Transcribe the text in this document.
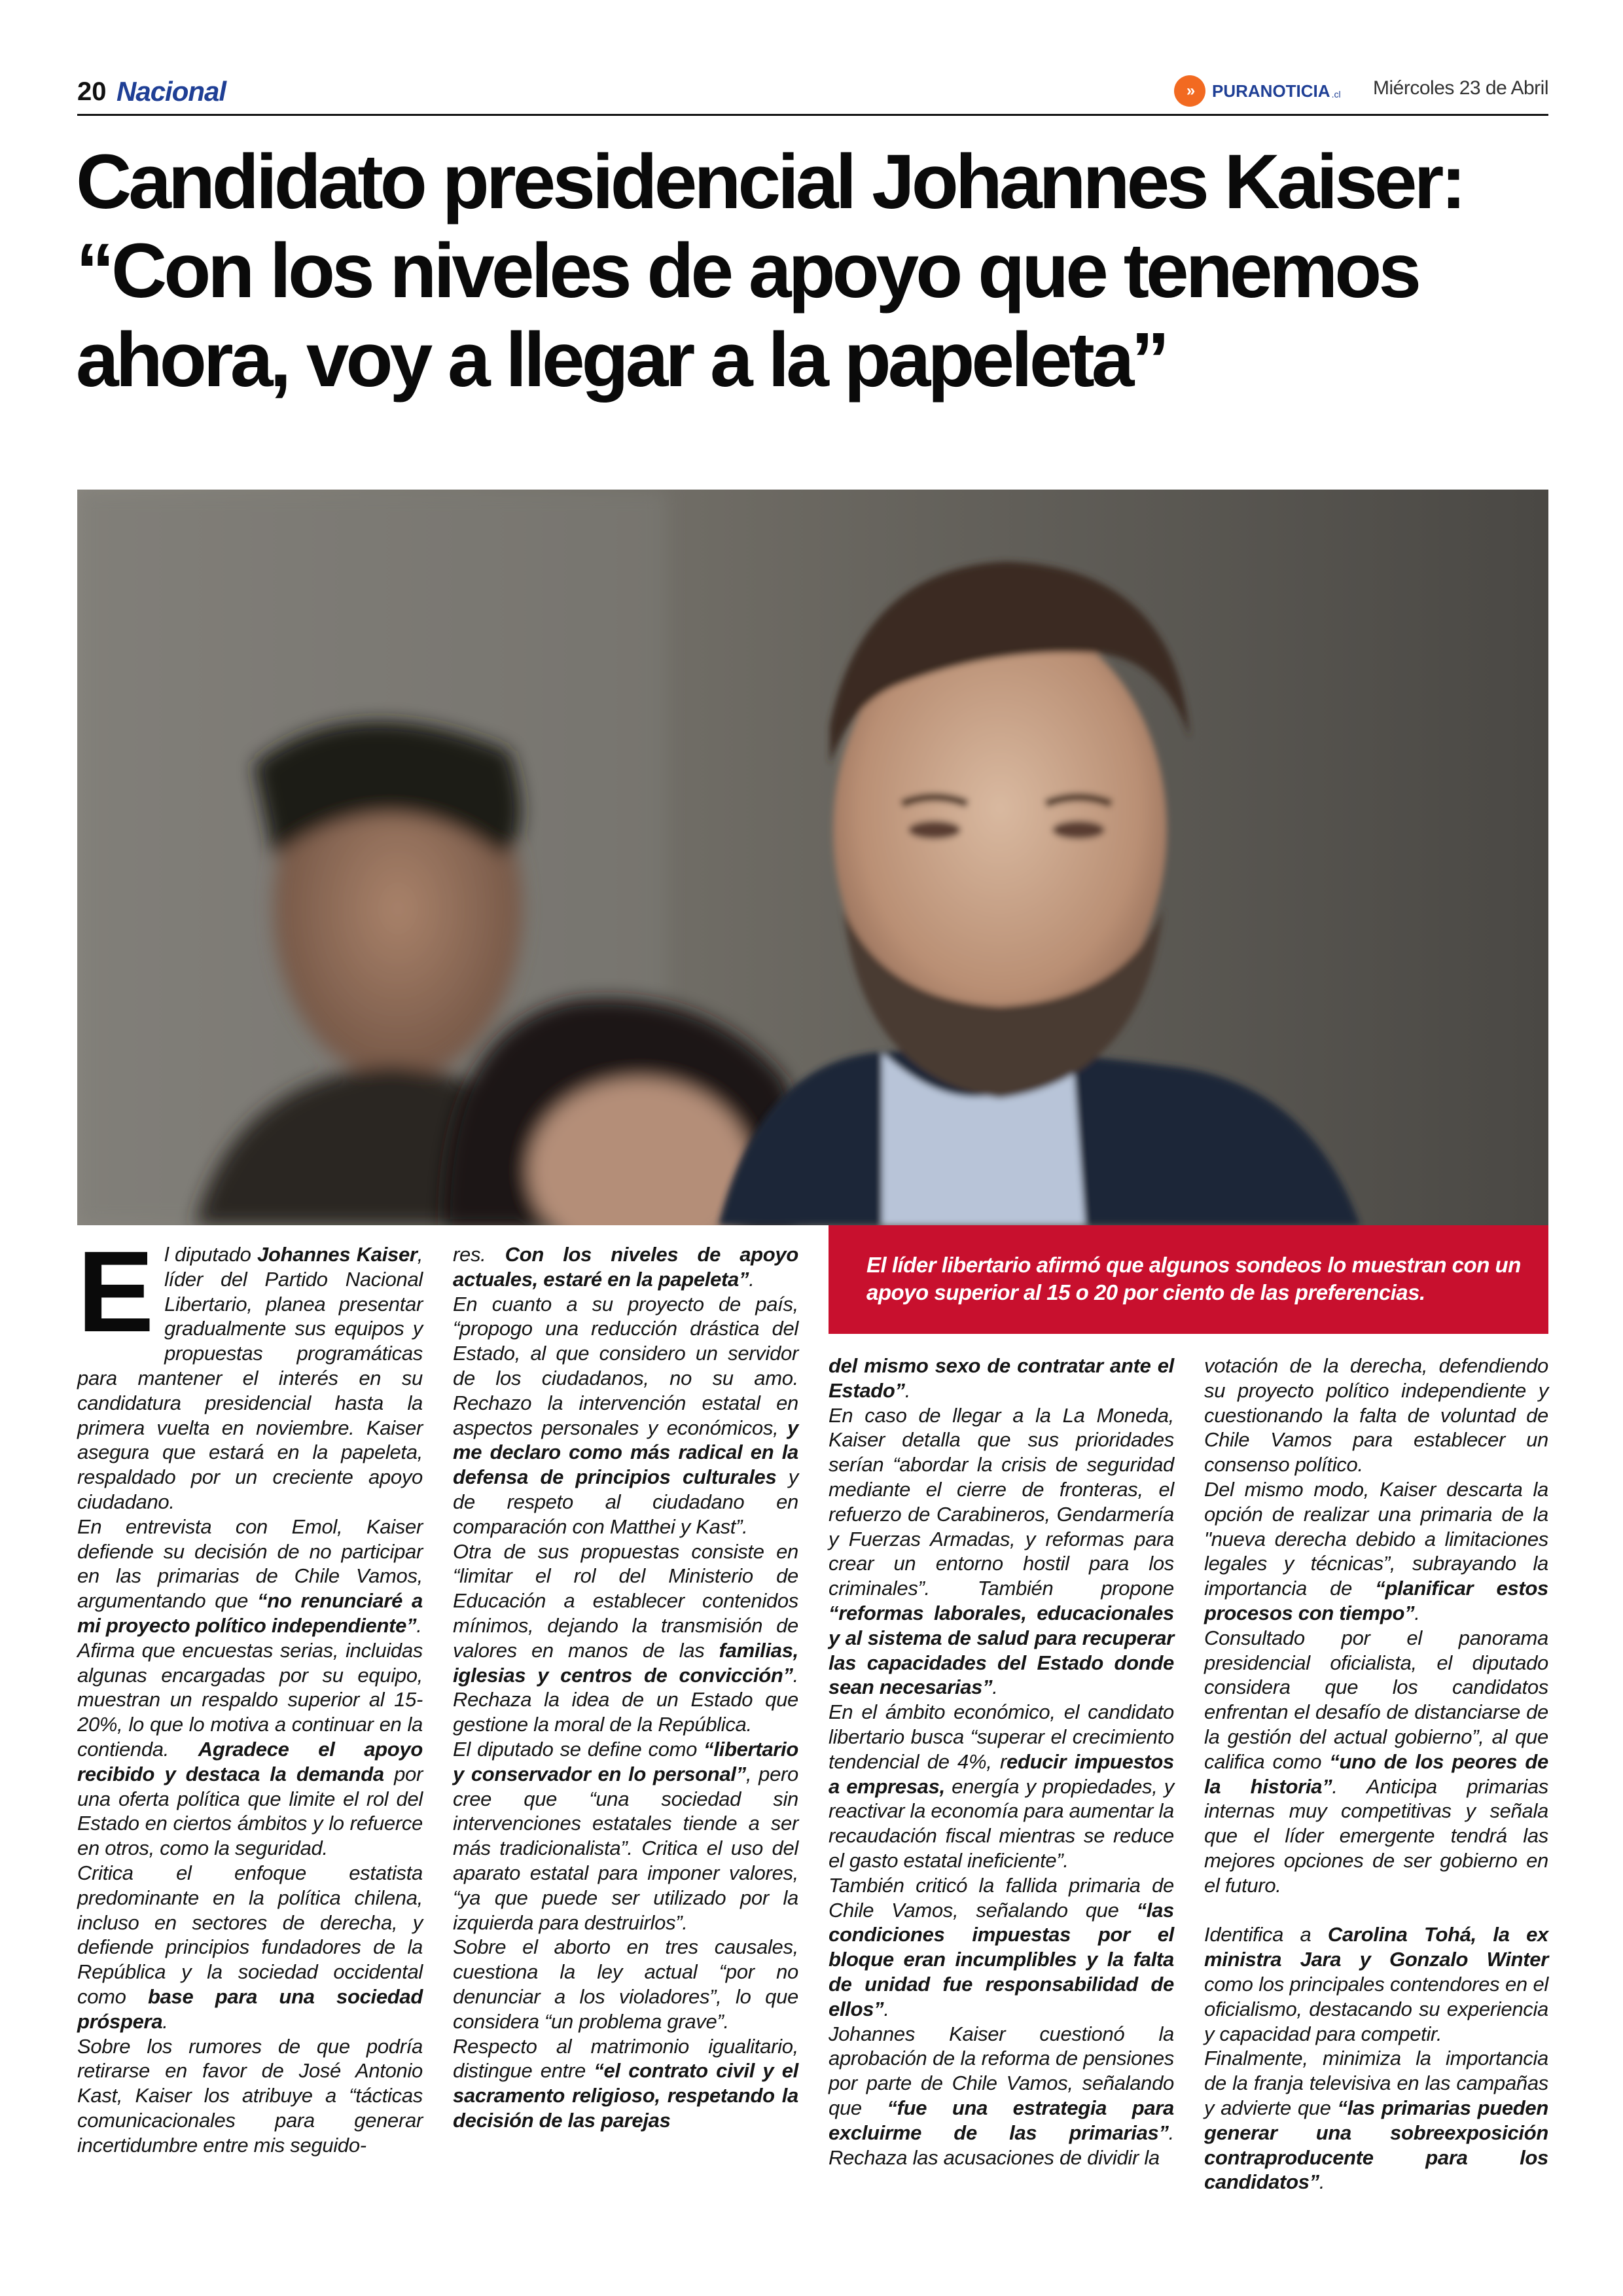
20 Nacional	»	PURANOTICIA .cl Miércoles 23 de Abril
Candidato presidencial Johannes Kaiser: “Con los niveles de apoyo que tenemos ahora, voy a llegar a la papeleta”
El líder libertario afirmó que algunos sondeos lo muestran con un apoyo superior al 15 o 20 por ciento de las preferencias.

El diputado Johannes Kaiser, líder del Partido Nacional Libertario, planea presentar gradualmente sus equipos y propuestas programáticas para mantener el interés en su candidatura presidencial hasta la primera vuelta en noviembre. Kaiser asegura que estará en la papeleta, respaldado por un creciente apoyo ciudadano.

En entrevista con Emol, Kaiser defiende su decisión de no participar en las primarias de Chile Vamos, argumentando que “no renunciaré a mi proyecto político independiente”.

Afirma que encuestas serias, incluidas algunas encargadas por su equipo, muestran un respaldo superior al 15-20%, lo que lo motiva a continuar en la contienda. Agradece el apoyo recibido y destaca la demanda por una oferta política que limite el rol del Estado en ciertos ámbitos y lo refuerce en otros, como la seguridad.

Critica el enfoque estatista predominante en la política chilena, incluso en sectores de derecha, y defiende principios fundadores de la República y la sociedad occidental como base para una sociedad próspera.

Sobre los rumores de que podría retirarse en favor de José Antonio Kast, Kaiser los atribuye a “tácticas comunicacionales para generar incertidumbre entre mis seguido-

res. Con los niveles de apoyo actuales, estaré en la papeleta”.

En cuanto a su proyecto de país, “propogo una reducción drástica del Estado, al que considero un servidor de los ciudadanos, no su amo. Rechazo la intervención estatal en aspectos personales y económicos, y me declaro como más radical en la defensa de principios culturales y de respeto al ciudadano en comparación con Matthei y Kast”.

Otra de sus propuestas consiste en “limitar el rol del Ministerio de Educación a establecer contenidos mínimos, dejando la transmisión de valores en manos de las familias, iglesias y centros de convicción”. Rechaza la idea de un Estado que gestione la moral de la República.

El diputado se define como “libertario y conservador en lo personal”, pero cree que “una sociedad sin intervenciones estatales tiende a ser más tradicionalista”. Critica el uso del aparato estatal para imponer valores, “ya que puede ser utilizado por la izquierda para destruirlos”.

Sobre el aborto en tres causales, cuestiona la ley actual “por no denunciar a los violadores”, lo que considera “un problema grave”.

Respecto al matrimonio igualitario, distingue entre “el contrato civil y el sacramento religioso, respetando la decisión de las parejas

del mismo sexo de contratar ante el Estado”.

En caso de llegar a la La Moneda, Kaiser detalla que sus prioridades serían “abordar la crisis de seguridad mediante el cierre de fronteras, el refuerzo de Carabineros, Gendarmería y Fuerzas Armadas, y reformas para crear un entorno hostil para los criminales”. También propone “reformas laborales, educacionales y al sistema de salud para recuperar las capacidades del Estado donde sean necesarias”.

En el ámbito económico, el candidato libertario busca “superar el crecimiento tendencial de 4%, reducir impuestos a empresas, energía y propiedades, y reactivar la economía para aumentar la recaudación fiscal mientras se reduce el gasto estatal ineficiente”.

También criticó la fallida primaria de Chile Vamos, señalando que “las condiciones impuestas por el bloque eran incumplibles y la falta de unidad fue responsabilidad de ellos”.

Johannes Kaiser cuestionó la aprobación de la reforma de pensiones por parte de Chile Vamos, señalando que “fue una estrategia para excluirme de las primarias”. Rechaza las acusaciones de dividir la

votación de la derecha, defendiendo su proyecto político independiente y cuestionando la falta de voluntad de Chile Vamos para establecer un consenso político.

Del mismo modo, Kaiser descarta la opción de realizar una primaria de la "nueva derecha debido a limitaciones legales y técnicas”, subrayando la importancia de “planificar estos procesos con tiempo”.

Consultado por el panorama presidencial oficialista, el diputado considera que los candidatos enfrentan el desafío de distanciarse de la gestión del actual gobierno”, al que califica como “uno de los peores de la historia”. Anticipa primarias internas muy competitivas y señala que el líder emergente tendrá las mejores opciones de ser gobierno en el futuro.

Identifica a Carolina Tohá, la ex ministra Jara y Gonzalo Winter como los principales contendores en el oficialismo, destacando su experiencia y capacidad para competir.

Finalmente, minimiza la importancia de la franja televisiva en las campañas y advierte que “las primarias pueden generar una sobreexposición contraproducente para los candidatos”.
